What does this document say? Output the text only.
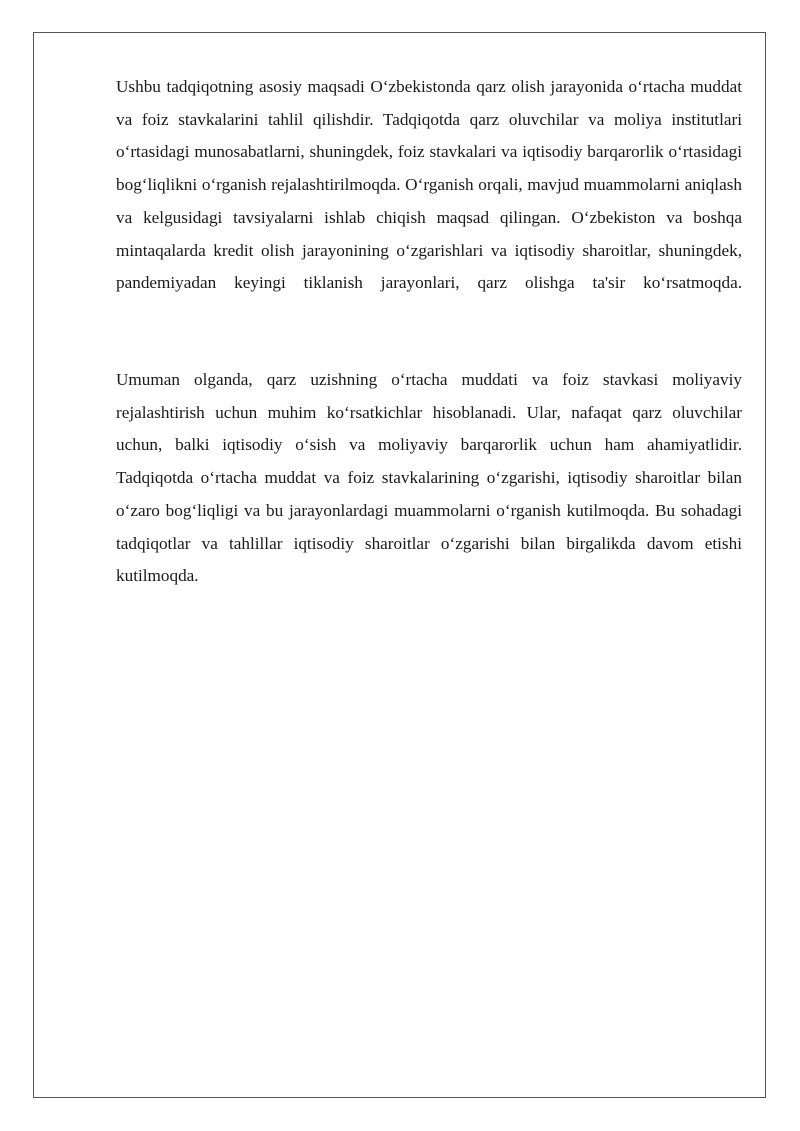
Ushbu tadqiqotning asosiy maqsadi O‘zbekistonda qarz olish jarayonida o‘rtacha muddat va foiz stavkalarini tahlil qilishdir. Tadqiqotda qarz oluvchilar va moliya institutlari o‘rtasidagi munosabatlarni, shuningdek, foiz stavkalari va iqtisodiy barqarorlik o‘rtasidagi bog‘liqlikni o‘rganish rejalashtirilmoqda. O‘rganish orqali, mavjud muammolarni aniqlash va kelgusidagi tavsiyalarni ishlab chiqish maqsad qilingan. O‘zbekiston va boshqa mintaqalarda kredit olish jarayonining o‘zgarishlari va iqtisodiy sharoitlar, shuningdek, pandemiyadan keyingi tiklanish jarayonlari, qarz olishga ta'sir ko‘rsatmoqda.

Umuman olganda, qarz uzishning o‘rtacha muddati va foiz stavkasi moliyaviy rejalashtirish uchun muhim ko‘rsatkichlar hisoblanadi. Ular, nafaqat qarz oluvchilar uchun, balki iqtisodiy o‘sish va moliyaviy barqarorlik uchun ham ahamiyatlidir. Tadqiqotda o‘rtacha muddat va foiz stavkalarining o‘zgarishi, iqtisodiy sharoitlar bilan o‘zaro bog‘liqligi va bu jarayonlardagi muammolarni o‘rganish kutilmoqda. Bu sohadagi tadqiqotlar va tahlillar iqtisodiy sharoitlar o‘zgarishi bilan birgalikda davom etishi kutilmoqda.
